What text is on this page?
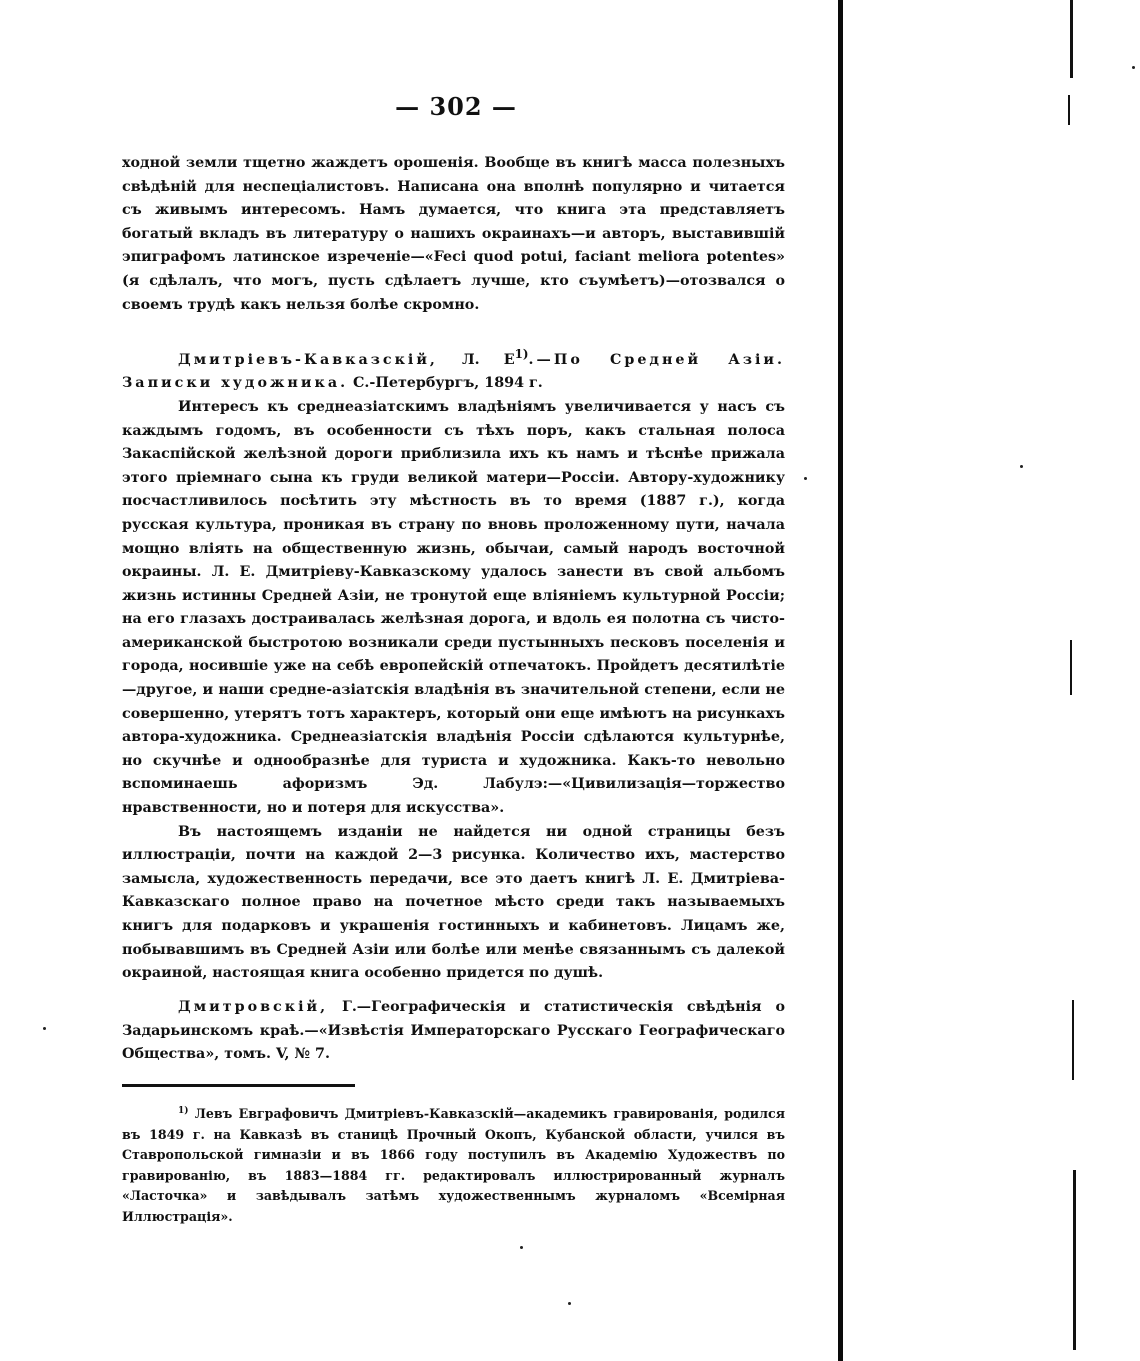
— 302 —

ходной земли тщетно жаждетъ орошенія. Вообще въ книгѣ масса полезныхъ свѣдѣній для неспеціалистовъ. Написана она вполнѣ популярно и читается съ живымъ интересомъ. Намъ думается, что книга эта представляетъ богатый вкладъ въ литературу о нашихъ окраинахъ—и авторъ, выставившій эпиграфомъ латинское изреченіе—«Feci quod potui, faciant meliora potentes» (я сдѣлалъ, что могъ, пусть сдѣлаетъ лучше, кто съумѣетъ)—отозвался о своемъ трудѣ какъ нельзя болѣе скромно.

Дмитріевъ-Кавказскій, Л. $Е^{1)}.—По$ Средней Азіи. Записки художника. С.-Петербургъ, 1894 г.

Интересъ къ среднеазіатскимъ владѣніямъ увеличивается у насъ съ каждымъ годомъ, въ особенности съ тѣхъ поръ, какъ стальная полоса Закаспійской желѣзной дороги приблизила ихъ къ намъ и тѣснѣе прижала этого пріемнаго сына къ груди великой матери—Россіи. Автору-художнику посчастливилось посѣтить эту мѣстность въ то время (1887 г.), когда русская культура, проникая въ страну по вновь проложенному пути, начала мощно вліять на общественную жизнь, обычаи, самый народъ восточной окраины. Л. Е. Дмитріеву-Кавказскому удалось занести въ свой альбомъ жизнь истинны Средней Азіи, не тронутой еще вліяніемъ культурной Россіи; на его глазахъ достраивалась желѣзная дорога, и вдоль ея полотна съ чисто-американской быстротою возникали среди пустынныхъ песковъ поселенія и города, носившіе уже на себѣ европейскій отпечатокъ. Пройдетъ десятилѣтіе—другое, и наши средне-азіатскія владѣнія въ значительной степени, если не совершенно, утерятъ тотъ характеръ, который они еще имѣютъ на рисункахъ автора-художника. Среднеазіатскія владѣнія Россіи сдѣлаются культурнѣе, но скучнѣе и однообразнѣе для туриста и художника. Какъ-то невольно вспоминаешь афоризмъ Эд. Лабулэ:—«Цивилизація—торжество нравственности, но и потеря для искусства».

Въ настоящемъ изданіи не найдется ни одной страницы безъ иллюстраціи, почти на каждой 2—3 рисунка. Количество ихъ, мастерство замысла, художественность передачи, все это даетъ книгѣ Л. Е. Дмитріева-Кавказскаго полное право на почетное мѣсто среди такъ называемыхъ книгъ для подарковъ и украшенія гостинныхъ и кабинетовъ. Лицамъ же, побывавшимъ въ Средней Азіи или болѣе или менѣе связаннымъ съ далекой окраиной, настоящая книга особенно придется по душѣ.

Дмитровскій, Г.—Географическія и статистическія свѣдѣнія о Задарьинскомъ краѣ.—«Извѣстія Императорскаго Русскаго Географическаго Общества», томъ. V, № 7.

$^{1)}$ Левъ Евграфовичъ Дмитріевъ-Кавказскій—академикъ гравированія, родился въ 1849 г. на Кавказѣ въ станицѣ Прочный Окопъ, Кубанской области, учился въ Ставропольской гимназіи и въ 1866 году поступилъ въ Академію Художествъ по гравированію, въ 1883—1884 гг. редактировалъ иллюстрированный журналъ «Ласточка» и завѣдывалъ затѣмъ художественнымъ журналомъ «Всемірная Иллюстрація».
